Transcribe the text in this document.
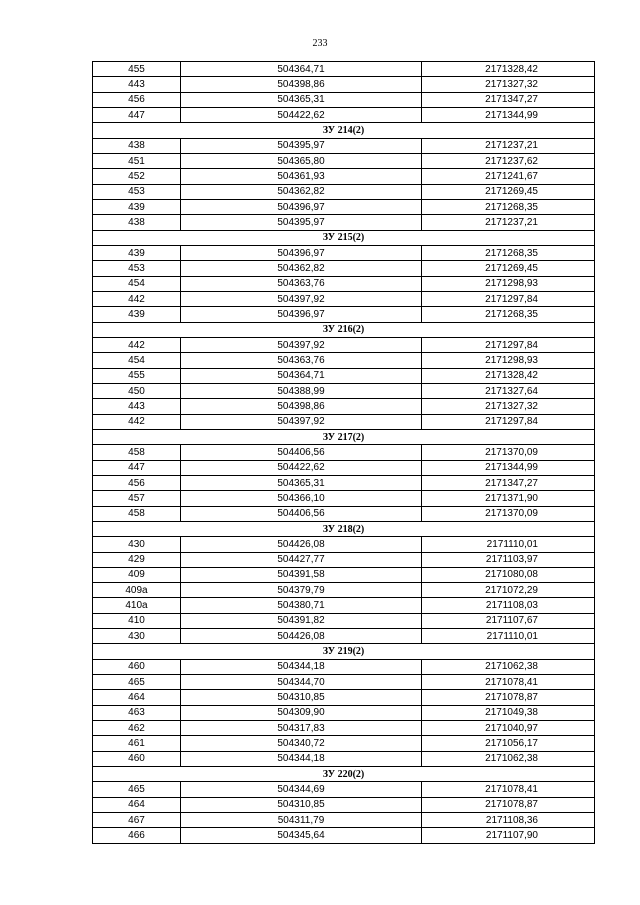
233
455	504364,71	2171328,42
443	504398,86	2171327,32
456	504365,31	2171347,27
447	504422,62	2171344,99
ЗУ 214(2)		
438	504395,97	2171237,21
451	504365,80	2171237,62
452	504361,93	2171241,67
453	504362,82	2171269,45
439	504396,97	2171268,35
438	504395,97	2171237,21
ЗУ 215(2)		
439	504396,97	2171268,35
453	504362,82	2171269,45
454	504363,76	2171298,93
442	504397,92	2171297,84
439	504396,97	2171268,35
ЗУ 216(2)		
442	504397,92	2171297,84
454	504363,76	2171298,93
455	504364,71	2171328,42
450	504388,99	2171327,64
443	504398,86	2171327,32
442	504397,92	2171297,84
ЗУ 217(2)		
458	504406,56	2171370,09
447	504422,62	2171344,99
456	504365,31	2171347,27
457	504366,10	2171371,90
458	504406,56	2171370,09
ЗУ 218(2)		
430	504426,08	2171110,01
429	504427,77	2171103,97
409	504391,58	2171080,08
409а	504379,79	2171072,29
410а	504380,71	2171108,03
410	504391,82	2171107,67
430	504426,08	2171110,01
ЗУ 219(2)		
460	504344,18	2171062,38
465	504344,70	2171078,41
464	504310,85	2171078,87
463	504309,90	2171049,38
462	504317,83	2171040,97
461	504340,72	2171056,17
460	504344,18	2171062,38
ЗУ 220(2)		
465	504344,69	2171078,41
464	504310,85	2171078,87
467	504311,79	2171108,36
466	504345,64	2171107,90
